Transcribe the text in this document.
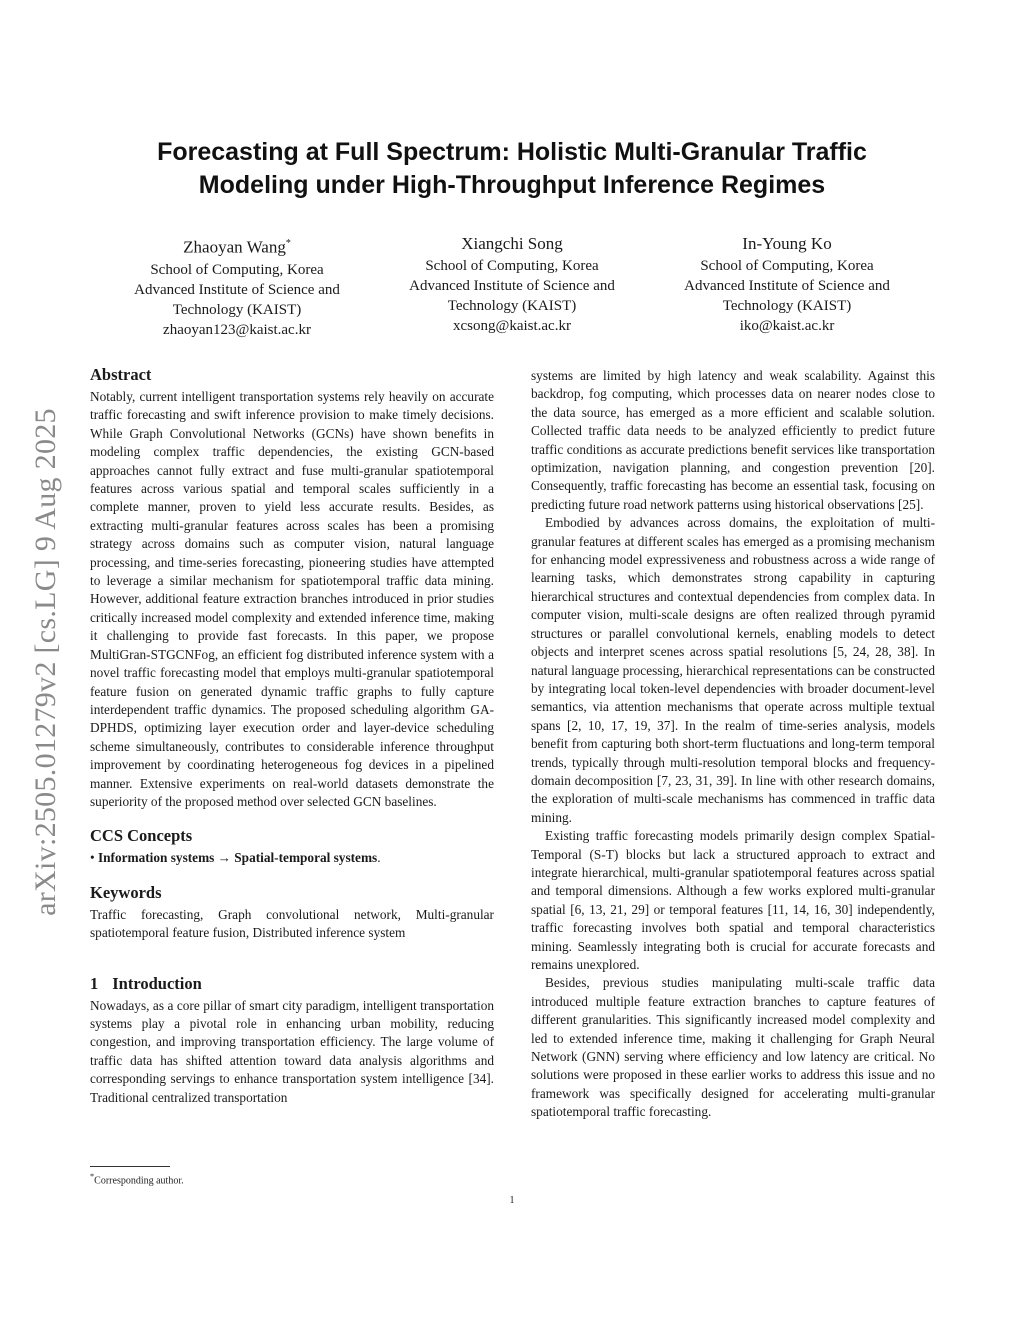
arXiv:2505.01279v2 [cs.LG] 9 Aug 2025
Forecasting at Full Spectrum: Holistic Multi-Granular Traffic
Modeling under High-Throughput Inference Regimes
Zhaoyan Wang*
School of Computing, Korea
Advanced Institute of Science and
Technology (KAIST)
zhaoyan123@kaist.ac.kr
Xiangchi Song
School of Computing, Korea
Advanced Institute of Science and
Technology (KAIST)
xcsong@kaist.ac.kr
In-Young Ko
School of Computing, Korea
Advanced Institute of Science and
Technology (KAIST)
iko@kaist.ac.kr
Abstract

Notably, current intelligent transportation systems rely heavily on accurate traffic forecasting and swift inference provision to make timely decisions. While Graph Convolutional Networks (GCNs) have shown benefits in modeling complex traffic dependencies, the existing GCN-based approaches cannot fully extract and fuse multi-granular spatiotemporal features across various spatial and temporal scales sufficiently in a complete manner, proven to yield less accurate results. Besides, as extracting multi-granular features across scales has been a promising strategy across domains such as computer vision, natural language processing, and time-series forecasting, pioneering studies have attempted to leverage a similar mechanism for spatiotemporal traffic data mining. However, additional feature extraction branches introduced in prior studies critically increased model complexity and extended inference time, making it challenging to provide fast forecasts. In this paper, we propose MultiGran-STGCNFog, an efficient fog distributed inference system with a novel traffic forecasting model that employs multi-granular spatiotemporal feature fusion on generated dynamic traffic graphs to fully capture interdependent traffic dynamics. The proposed scheduling algorithm GA-DPHDS, optimizing layer execution order and layer-device scheduling scheme simultaneously, contributes to considerable inference throughput improvement by coordinating heterogeneous fog devices in a pipelined manner. Extensive experiments on real-world datasets demonstrate the superiority of the proposed method over selected GCN baselines.

CCS Concepts
• Information systems → Spatial-temporal systems.
Keywords

Traffic forecasting, Graph convolutional network, Multi-granular spatiotemporal feature fusion, Distributed inference system

1 Introduction

Nowadays, as a core pillar of smart city paradigm, intelligent transportation systems play a pivotal role in enhancing urban mobility, reducing congestion, and improving transportation efficiency. The large volume of traffic data has shifted attention toward data analysis algorithms and corresponding servings to enhance transportation system intelligence [34]. Traditional centralized transportation

systems are limited by high latency and weak scalability. Against this backdrop, fog computing, which processes data on nearer nodes close to the data source, has emerged as a more efficient and scalable solution. Collected traffic data needs to be analyzed efficiently to predict future traffic conditions as accurate predictions benefit services like transportation optimization, navigation planning, and congestion prevention [20]. Consequently, traffic forecasting has become an essential task, focusing on predicting future road network patterns using historical observations [25].

Embodied by advances across domains, the exploitation of multi-granular features at different scales has emerged as a promising mechanism for enhancing model expressiveness and robustness across a wide range of learning tasks, which demonstrates strong capability in capturing hierarchical structures and contextual dependencies from complex data. In computer vision, multi-scale designs are often realized through pyramid structures or parallel convolutional kernels, enabling models to detect objects and interpret scenes across spatial resolutions [5, 24, 28, 38]. In natural language processing, hierarchical representations can be constructed by integrating local token-level dependencies with broader document-level semantics, via attention mechanisms that operate across multiple textual spans [2, 10, 17, 19, 37]. In the realm of time-series analysis, models benefit from capturing both short-term fluctuations and long-term temporal trends, typically through multi-resolution temporal blocks and frequency-domain decomposition [7, 23, 31, 39]. In line with other research domains, the exploration of multi-scale mechanisms has commenced in traffic data mining.

Existing traffic forecasting models primarily design complex Spatial-Temporal (S-T) blocks but lack a structured approach to extract and integrate hierarchical, multi-granular spatiotemporal features across spatial and temporal dimensions. Although a few works explored multi-granular spatial [6, 13, 21, 29] or temporal features [11, 14, 16, 30] independently, traffic forecasting involves both spatial and temporal characteristics mining. Seamlessly integrating both is crucial for accurate forecasts and remains unexplored.

Besides, previous studies manipulating multi-scale traffic data introduced multiple feature extraction branches to capture features of different granularities. This significantly increased model complexity and led to extended inference time, making it challenging for Graph Neural Network (GNN) serving where efficiency and low latency are critical. No solutions were proposed in these earlier works to address this issue and no framework was specifically designed for accelerating multi-granular spatiotemporal traffic forecasting.

*Corresponding author.
1
